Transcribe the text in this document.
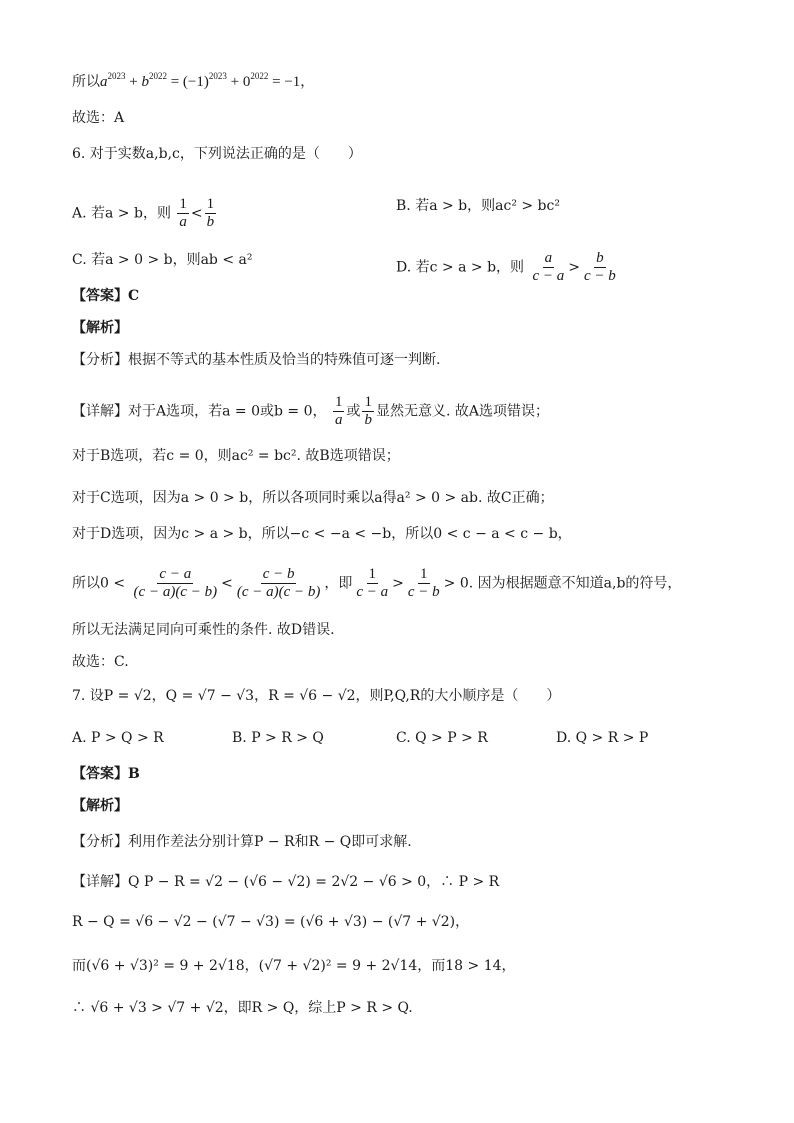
所以$a^{2023} + b^{2022} = (-1)^{2023} + 0^{2022} = -1$，
故选：A
6. 对于实数a,b,c，下列说法正确的是（　　）
A. 若a > b，则 $\frac{1}{a} < \frac{1}{b}$	B. 若a > b，则ac² > bc²
C. 若a > 0 > b，则ab < a²	D. 若c > a > b，则 $\frac{a}{c - a} > \frac{b}{c - b}$
【答案】C
【解析】
【分析】根据不等式的基本性质及恰当的特殊值可逐一判断.
【详解】对于A选项，若a = 0或b = 0， $\frac{1}{a}$ 或 $\frac{1}{b}$ 显然无意义. 故A选项错误；
对于B选项，若c = 0，则ac² = bc². 故B选项错误；
对于C选项，因为a > 0 > b，所以各项同时乘以a得a² > 0 > ab. 故C正确；
对于D选项，因为c > a > b，所以−c < −a < −b，所以0 < c − a < c − b，
所以$0 < \frac{c - a}{(c - a)(c - b)} < \frac{c - b}{(c - a)(c - b)}$ ，即 $\frac{1}{c - a} > \frac{1}{c - b} > 0$. 因为根据题意不知道a,b的符号，
所以无法满足同向可乘性的条件. 故D错误.
故选：C.
7. 设P = √2，Q = √7 − √3，R = √6 − √2，则P,Q,R的大小顺序是（　　）
A. P > Q > R	B. P > R > Q	C. Q > P > R	D. Q > R > P
【答案】B
【解析】
【分析】利用作差法分别计算P − R和R − Q即可求解.
【详解】Q P − R = √2 − (√6 − √2) = 2√2 − √6 > 0，∴ P > R
R − Q = √6 − √2 − (√7 − √3) = (√6 + √3) − (√7 + √2)，
而(√6 + √3)² = 9 + 2√18，(√7 + √2)² = 9 + 2√14，而18 > 14，
∴ √6 + √3 > √7 + √2，即R > Q，综上P > R > Q.
